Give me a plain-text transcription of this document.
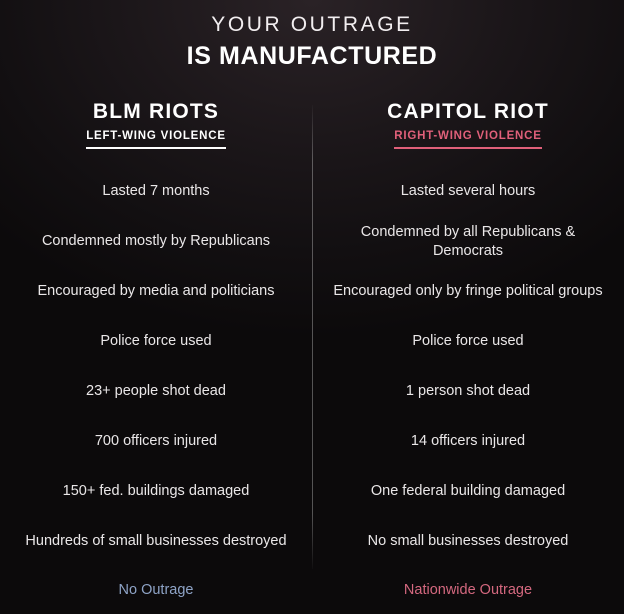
YOUR OUTRAGE
IS MANUFACTURED
BLM RIOTS
LEFT-WING VIOLENCE
Lasted 7 months
Condemned mostly by Republicans
Encouraged by media and politicians
Police force used
23+ people shot dead
700 officers injured
150+ fed. buildings damaged
Hundreds of small businesses destroyed
No Outrage
CAPITOL RIOT
RIGHT-WING VIOLENCE
Lasted several hours
Condemned by all Republicans & Democrats
Encouraged only by fringe political groups
Police force used
1 person shot dead
14 officers injured
One federal building damaged
No small businesses destroyed
Nationwide Outrage
